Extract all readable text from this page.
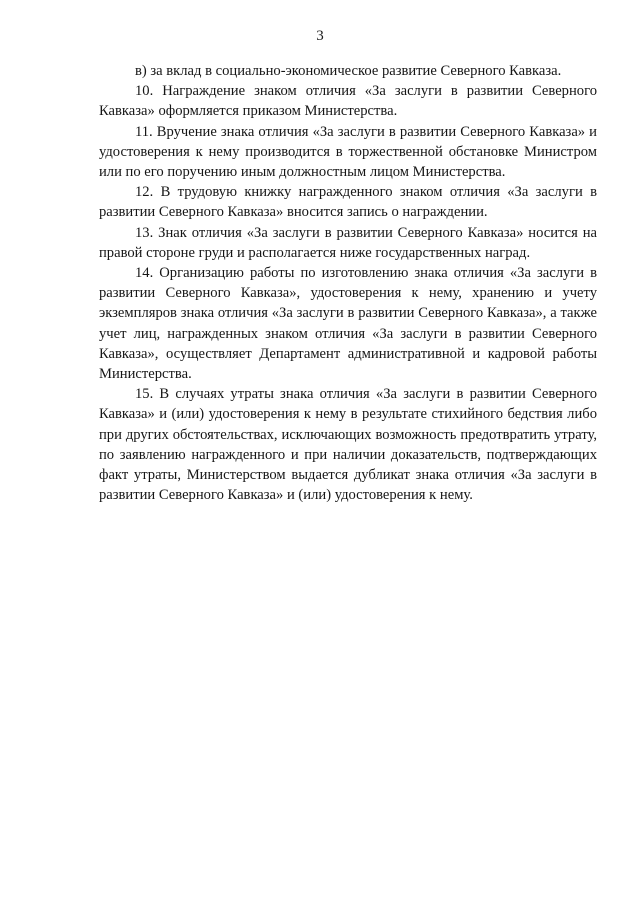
3

в) за вклад в социально-экономическое развитие Северного Кавказа.

10. Награждение знаком отличия «За заслуги в развитии Северного Кавказа» оформляется приказом Министерства.

11. Вручение знака отличия «За заслуги в развитии Северного Кавказа» и удостоверения к нему производится в торжественной обстановке Министром или по его поручению иным должностным лицом Министерства.

12. В трудовую книжку награжденного знаком отличия «За заслуги в развитии Северного Кавказа» вносится запись о награждении.

13. Знак отличия «За заслуги в развитии Северного Кавказа» носится на правой стороне груди и располагается ниже государственных наград.

14. Организацию работы по изготовлению знака отличия «За заслуги в развитии Северного Кавказа», удостоверения к нему, хранению и учету экземпляров знака отличия «За заслуги в развитии Северного Кавказа», а также учет лиц, награжденных знаком отличия «За заслуги в развитии Северного Кавказа», осуществляет Департамент административной и кадровой работы Министерства.

15. В случаях утраты знака отличия «За заслуги в развитии Северного Кавказа» и (или) удостоверения к нему в результате стихийного бедствия либо при других обстоятельствах, исключающих возможность предотвратить утрату, по заявлению награжденного и при наличии доказательств, подтверждающих факт утраты, Министерством выдается дубликат знака отличия «За заслуги в развитии Северного Кавказа» и (или) удостоверения к нему.
